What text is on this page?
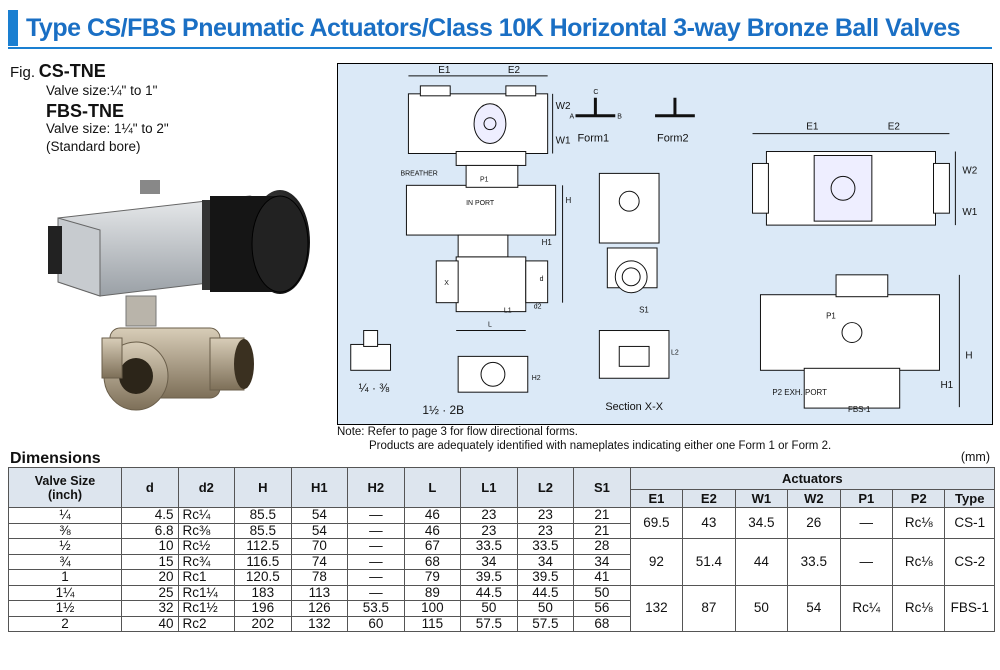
Type CS/FBS Pneumatic Actuators/Class 10K Horizontal 3-way Bronze Ball Valves
Fig. CS-TNE
Valve size:¼" to 1"
FBS-TNE
Valve size: 1¼" to 2"
(Standard bore)
E1	E2
W2
W1
A
C
B
Form1	Form2
BREATHER
P1
IN PORT	H
H1
d
d2
L1
L
X
S1
¼ · ⅜
1½ · 2B
H2
L2
Section X-X
E1	E2
W2
W1
P1
H
H1
P2 EXH. PORT
FBS-1
Note: Refer to page 3 for flow directional forms.
Products are adequately identified with nameplates indicating either one Form 1 or Form 2.
Dimensions	(mm)
Valve Size
(inch)	d	d2	H	H1	H2	L	L1	L2	S1	Actuators						
										E1	E2	W1	W2	P1	P2	Type
¼	4.5	Rc¼	85.5	54	—	46	23	23	21	69.5	43	34.5	26	—	Rc⅛	CS-1
⅜	6.8	Rc⅜	85.5	54	—	46	23	23	21							
½	10	Rc½	112.5	70	—	67	33.5	33.5	28	92	51.4	44	33.5	—	Rc⅛	CS-2
¾	15	Rc¾	116.5	74	—	68	34	34	34							
1	20	Rc1	120.5	78	—	79	39.5	39.5	41							
1¼	25	Rc1¼	183	113	—	89	44.5	44.5	50	132	87	50	54	Rc¼	Rc⅛	FBS-1
1½	32	Rc1½	196	126	53.5	100	50	50	56							
2	40	Rc2	202	132	60	115	57.5	57.5	68							
